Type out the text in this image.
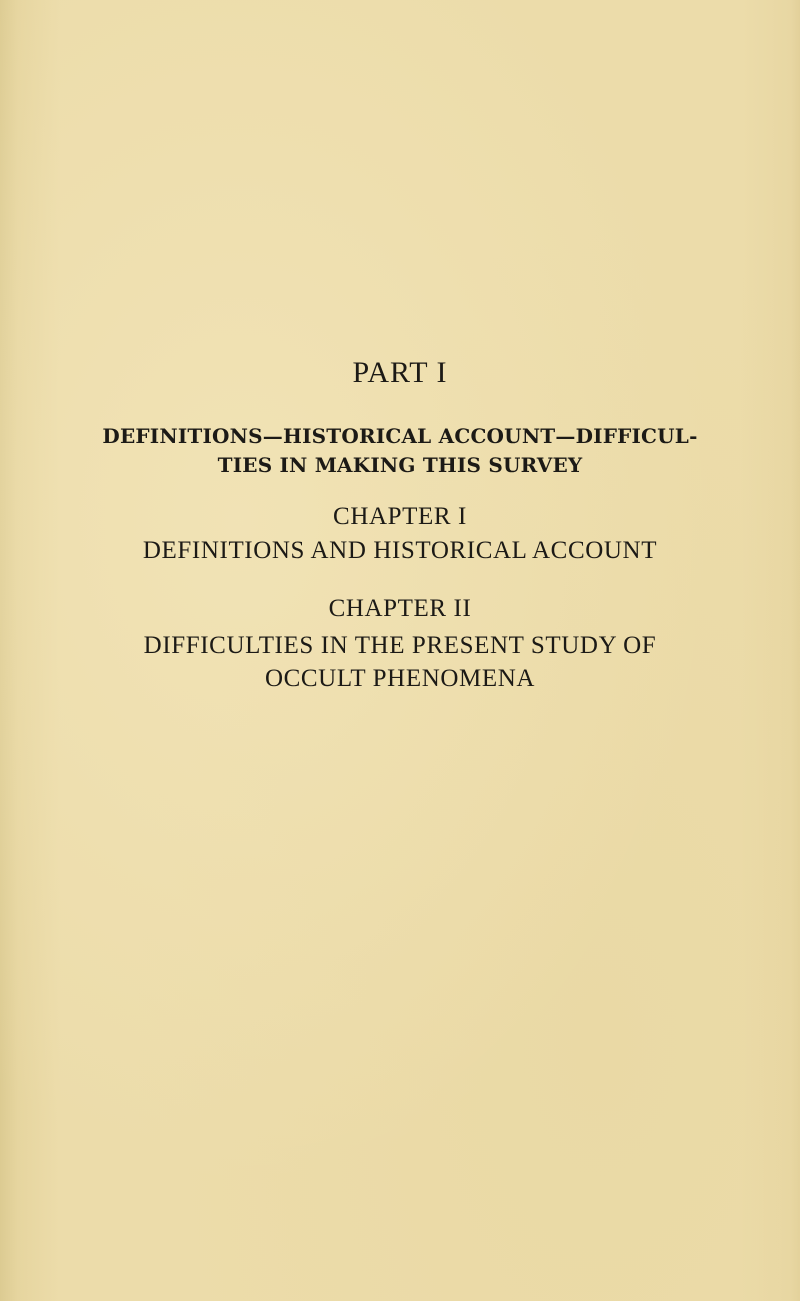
PART I
DEFINITIONS—HISTORICAL ACCOUNT—DIFFICUL-
TIES IN MAKING THIS SURVEY
CHAPTER I
DEFINITIONS AND HISTORICAL ACCOUNT
CHAPTER II
DIFFICULTIES IN THE PRESENT STUDY OF
OCCULT PHENOMENA
